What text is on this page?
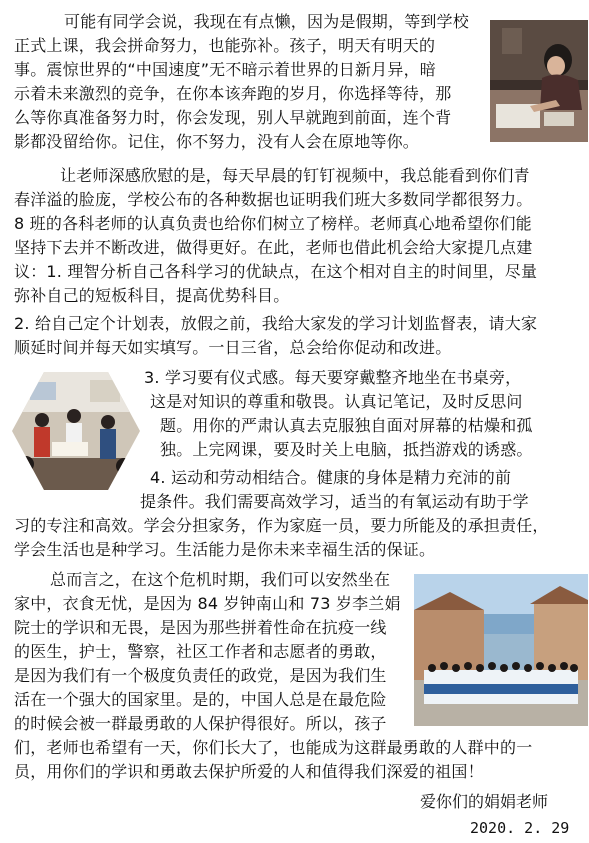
可能有同学会说，我现在有点懒，因为是假期，等到学校
正式上课，我会拼命努力，也能弥补。孩子，明天有明天的
事。震惊世界的“中国速度”无不暗示着世界的日新月异，暗
示着未来激烈的竞争，在你本该奔跑的岁月，你选择等待，那
么等你真准备努力时，你会发现，别人早就跑到前面，连个背
影都没留给你。记住，你不努力，没有人会在原地等你。
让老师深感欣慰的是，每天早晨的钉钉视频中，我总能看到你们青
春洋溢的脸庞，学校公布的各种数据也证明我们班大多数同学都很努力。
8 班的各科老师的认真负责也给你们树立了榜样。老师真心地希望你们能
坚持下去并不断改进，做得更好。在此，老师也借此机会给大家提几点建
议：1. 理智分析自己各科学习的优缺点，在这个相对自主的时间里，尽量
弥补自己的短板科目，提高优势科目。
2. 给自己定个计划表，放假之前，我给大家发的学习计划监督表，请大家
顺延时间并每天如实填写。一日三省，总会给你促动和改进。
3. 学习要有仪式感。每天要穿戴整齐地坐在书桌旁，
这是对知识的尊重和敬畏。认真记笔记，及时反思问
题。用你的严肃认真去克服独自面对屏幕的枯燥和孤
独。上完网课，要及时关上电脑，抵挡游戏的诱惑。
4. 运动和劳动相结合。健康的身体是精力充沛的前
提条件。我们需要高效学习，适当的有氧运动有助于学
习的专注和高效。学会分担家务，作为家庭一员，要力所能及的承担责任，
学会生活也是种学习。生活能力是你未来幸福生活的保证。
总而言之，在这个危机时期，我们可以安然坐在
家中，衣食无忧，是因为 84 岁钟南山和 73 岁李兰娟
院士的学识和无畏，是因为那些拼着性命在抗疫一线
的医生，护士，警察，社区工作者和志愿者的勇敢，
是因为我们有一个极度负责任的政党，是因为我们生
活在一个强大的国家里。是的，中国人总是在最危险
的时候会被一群最勇敢的人保护得很好。所以，孩子
们，老师也希望有一天，你们长大了，也能成为这群最勇敢的人群中的一
员，用你们的学识和勇敢去保护所爱的人和值得我们深爱的祖国！
爱你们的娟娟老师
2020. 2. 29
